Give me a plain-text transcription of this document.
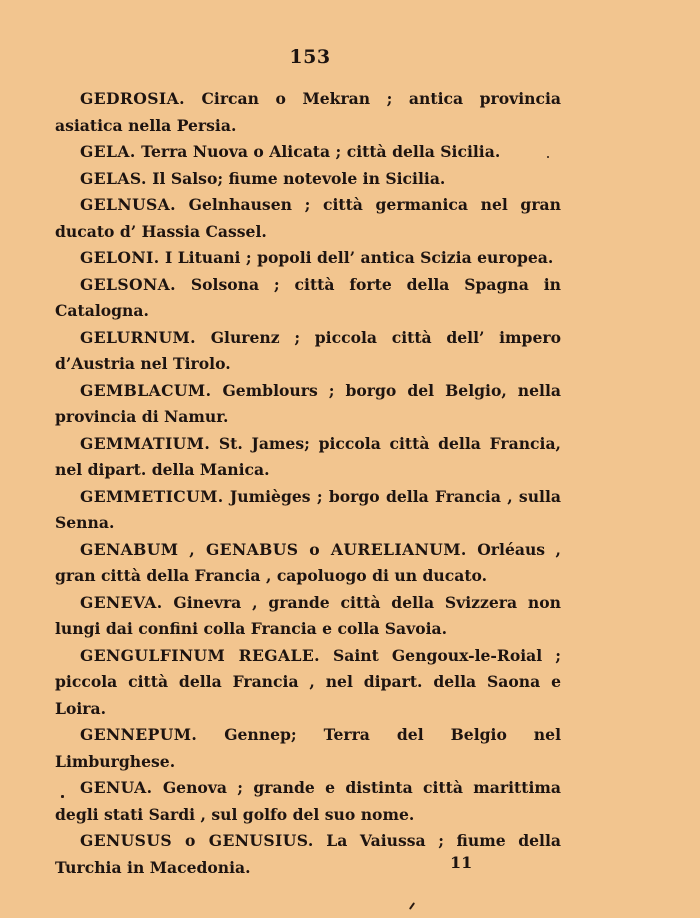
153

GEDROSIA. Circan o Mekran ; antica provincia asiatica nella Persia.

GELA. Terra Nuova o Alicata ; città della Sicilia.

GELAS. Il Salso; fiume notevole in Sicilia.

GELNUSA. Gelnhausen ; città germanica nel gran ducato d’ Hassia Cassel.

GELONI. I Lituani ; popoli dell’ antica Scizia europea.

GELSONA. Solsona ; città forte della Spagna in Catalogna.

GELURNUM. Glurenz ; piccola città dell’ impero d’Austria nel Tirolo.

GEMBLACUM. Gemblours ; borgo del Belgio, nella provincia di Namur.

GEMMATIUM. St. James; piccola città della Francia, nel dipart. della Manica.

GEMMETICUM. Jumièges ; borgo della Francia , sulla Senna.

GENABUM , GENABUS o AURELIANUM. Orléaus , gran città della Francia , capoluogo di un ducato.

GENEVA. Ginevra , grande città della Svizzera non lungi dai confini colla Francia e colla Savoia.

GENGULFINUM REGALE. Saint Gengoux-le-Roial ; piccola città della Francia , nel dipart. della Saona e Loira.

GENNEPUM. Gennep; Terra del Belgio nel Limburghese.

GENUA. Genova ; grande e distinta città marittima degli stati Sardi , sul golfo del suo nome.

GENUSUS o GENUSIUS. La Vaiussa ; fiume della Turchia in Macedonia.	11
